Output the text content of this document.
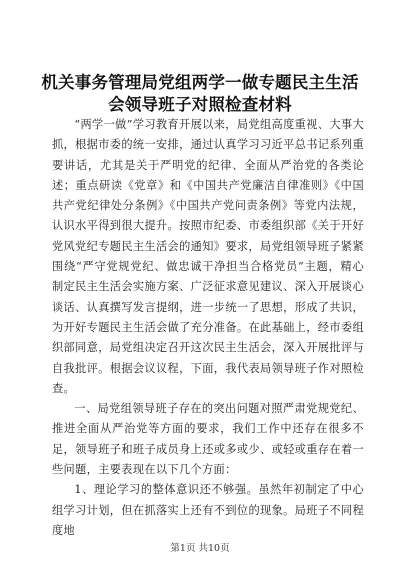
机关事务管理局党组两学一做专题民主生活会领导班子对照检查材料

“两学一做”学习教育开展以来，局党组高度重视、大事大抓，根据市委的统一安排，通过认真学习习近平总书记系列重要讲话，尤其是关于严明党的纪律、全面从严治党的各类论述；重点研读《党章》和《中国共产党廉洁自律准则》《中国共产党纪律处分条例》《中国共产党问责条例》等党内法规，认识水平得到很大提升。按照市纪委、市委组织部《关于开好党风党纪专题民主生活会的通知》要求，局党组领导班子紧紧围绕“严守党规党纪、做忠诚干净担当合格党员”主题，精心制定民主生活会实施方案、广泛征求意见建议、深入开展谈心谈话、认真撰写发言提纲，进一步统一了思想，形成了共识，为开好专题民主生活会做了充分准备。在此基础上，经市委组织部同意，局党组决定召开这次民主生活会，深入开展批评与自我批评。根据会议议程，下面，我代表局领导班子作对照检查。

一、局党组领导班子存在的突出问题对照严肃党规党纪、推进全面从严治党等方面的要求，我们工作中还存在很多不足，领导班子和班子成员身上还或多或少、或轻或重存在着一些问题，主要表现在以下几个方面：

1、理论学习的整体意识还不够强。虽然年初制定了中心组学习计划，但在抓落实上还有不到位的现象。局班子不同程度地

第1页 共10页
